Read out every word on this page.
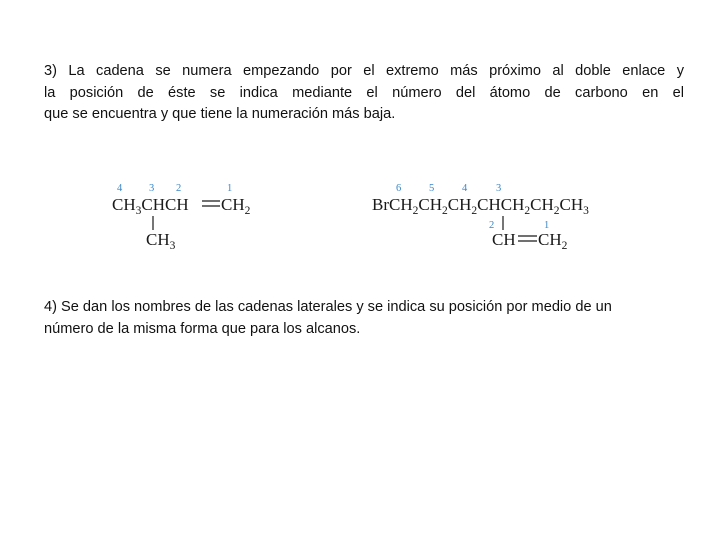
3) La cadena se numera empezando por el extremo más próximo al doble enlace y
la posición de éste se indica mediante el número del átomo de carbono en el
que se encuentra y que tiene la numeración más baja.

4	3 2	1
$CH_3CHCH$ $CH_2$
$CH_3$
6	5	4	3
$BrCH_2CH_2CH_2CHCH_2CH_2CH_3$
2	1
CH $CH_2$

4) Se dan los nombres de las cadenas laterales y se indica su posición por medio de un
número de la misma forma que para los alcanos.
